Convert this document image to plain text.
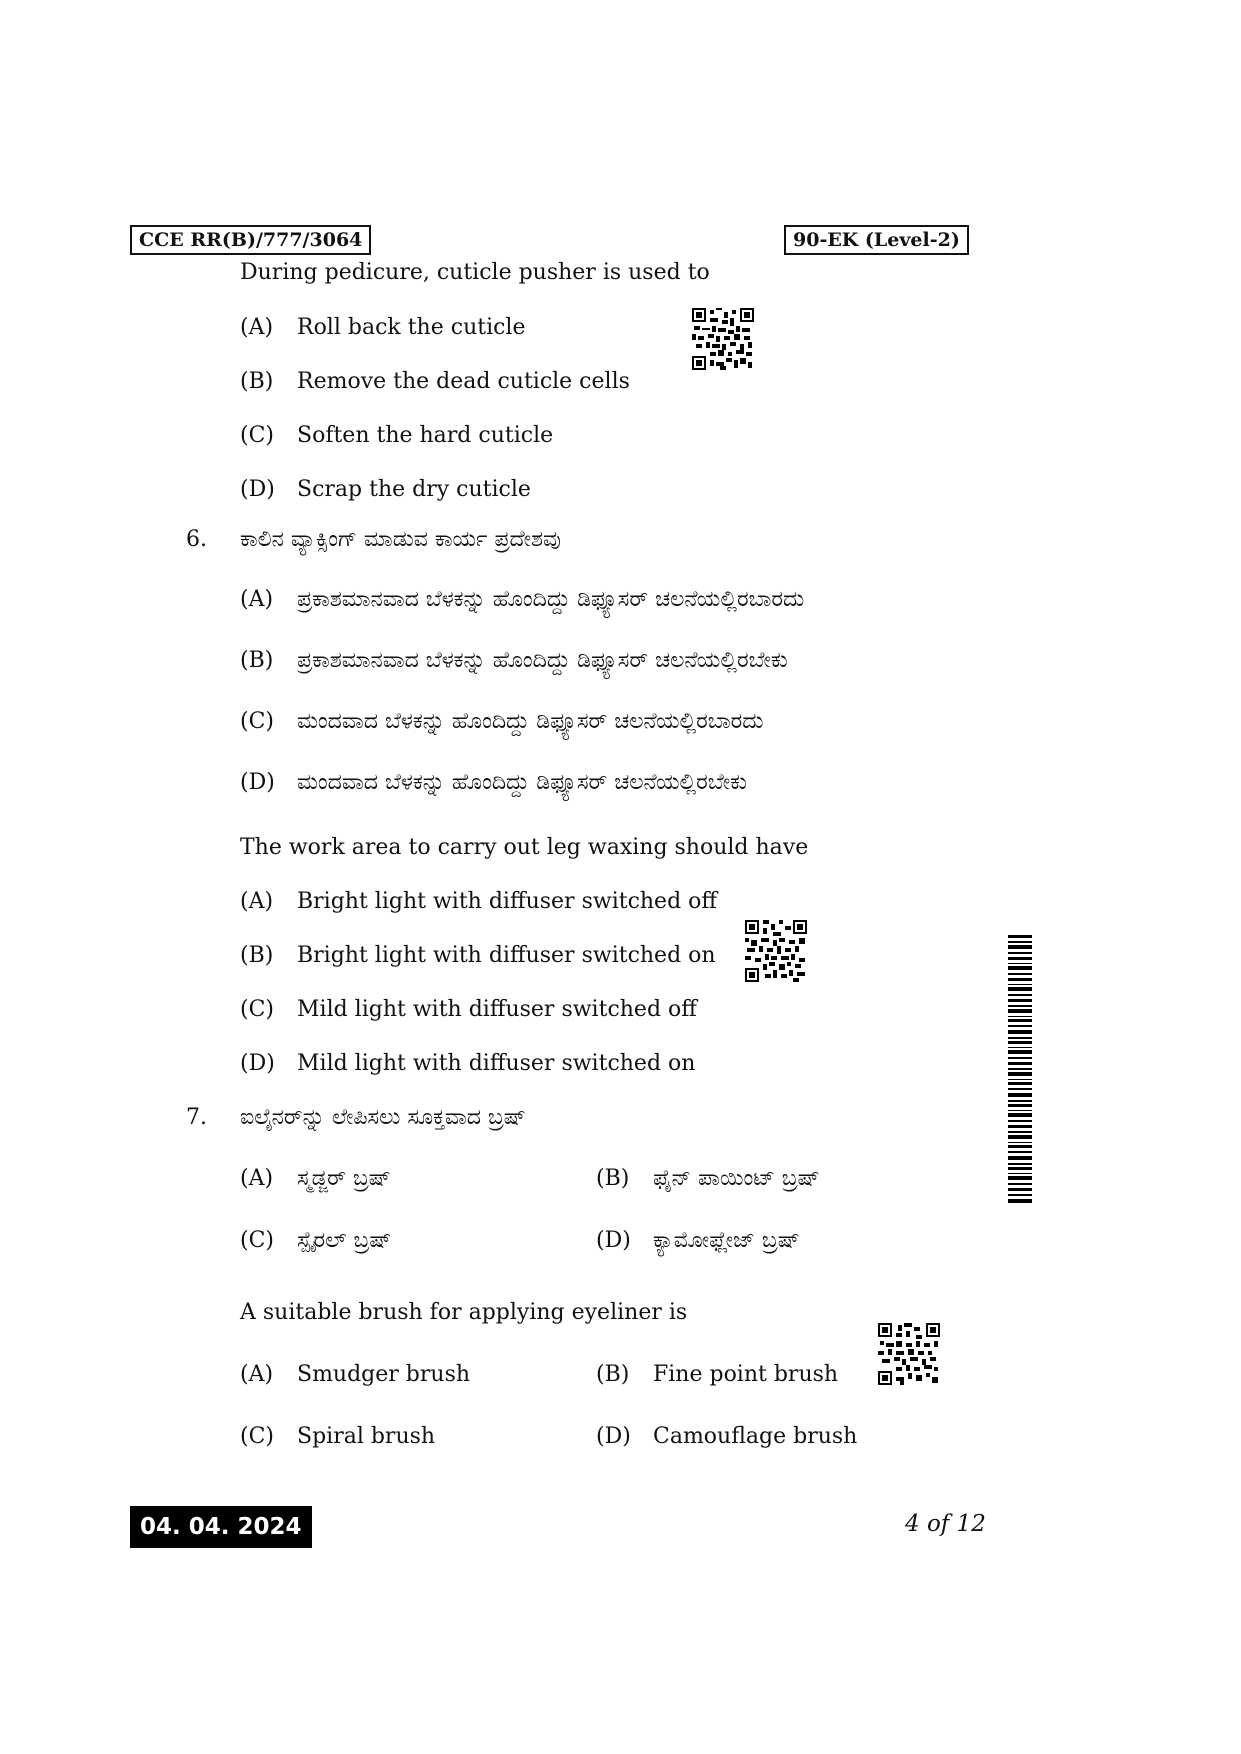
CCE RR(B)/777/3064	90-EK (Level-2)
During pedicure, cuticle pusher is used to
(A) Roll back the cuticle
(B) Remove the dead cuticle cells
(C) Soften the hard cuticle
(D) Scrap the dry cuticle
6. ಕಾಲಿನ ವ್ಯಾಕ್ಸಿಂಗ್ ಮಾಡುವ ಕಾರ್ಯ ಪ್ರದೇಶವು
(A) ಪ್ರಕಾಶಮಾನವಾದ ಬೆಳಕನ್ನು ಹೊಂದಿದ್ದು ಡಿಫ್ಯೂಸರ್ ಚಲನೆಯಲ್ಲಿರಬಾರದು
(B) ಪ್ರಕಾಶಮಾನವಾದ ಬೆಳಕನ್ನು ಹೊಂದಿದ್ದು ಡಿಫ್ಯೂಸರ್ ಚಲನೆಯಲ್ಲಿರಬೇಕು
(C) ಮಂದವಾದ ಬೆಳಕನ್ನು ಹೊಂದಿದ್ದು ಡಿಫ್ಯೂಸರ್ ಚಲನೆಯಲ್ಲಿರಬಾರದು
(D) ಮಂದವಾದ ಬೆಳಕನ್ನು ಹೊಂದಿದ್ದು ಡಿಫ್ಯೂಸರ್ ಚಲನೆಯಲ್ಲಿರಬೇಕು
The work area to carry out leg waxing should have
(A) Bright light with diffuser switched off
(B) Bright light with diffuser switched on
(C) Mild light with diffuser switched off
(D) Mild light with diffuser switched on
7. ಐಲೈನರ್‌ನ್ನು ಲೇಪಿಸಲು ಸೂಕ್ತವಾದ ಬ್ರಷ್
(A) ಸ್ಮಡ್ಜರ್ ಬ್ರಷ್	(B) ಫೈನ್ ಪಾಯಿಂಟ್ ಬ್ರಷ್
(C) ಸ್ಪೈರಲ್ ಬ್ರಷ್	(D) ಕ್ಯಾಮೋಫ್ಲೇಜ್ ಬ್ರಷ್
A suitable brush for applying eyeliner is
(A) Smudger brush	(B) Fine point brush
(C) Spiral brush	(D) Camouflage brush
04. 04. 2024	4 of 12
